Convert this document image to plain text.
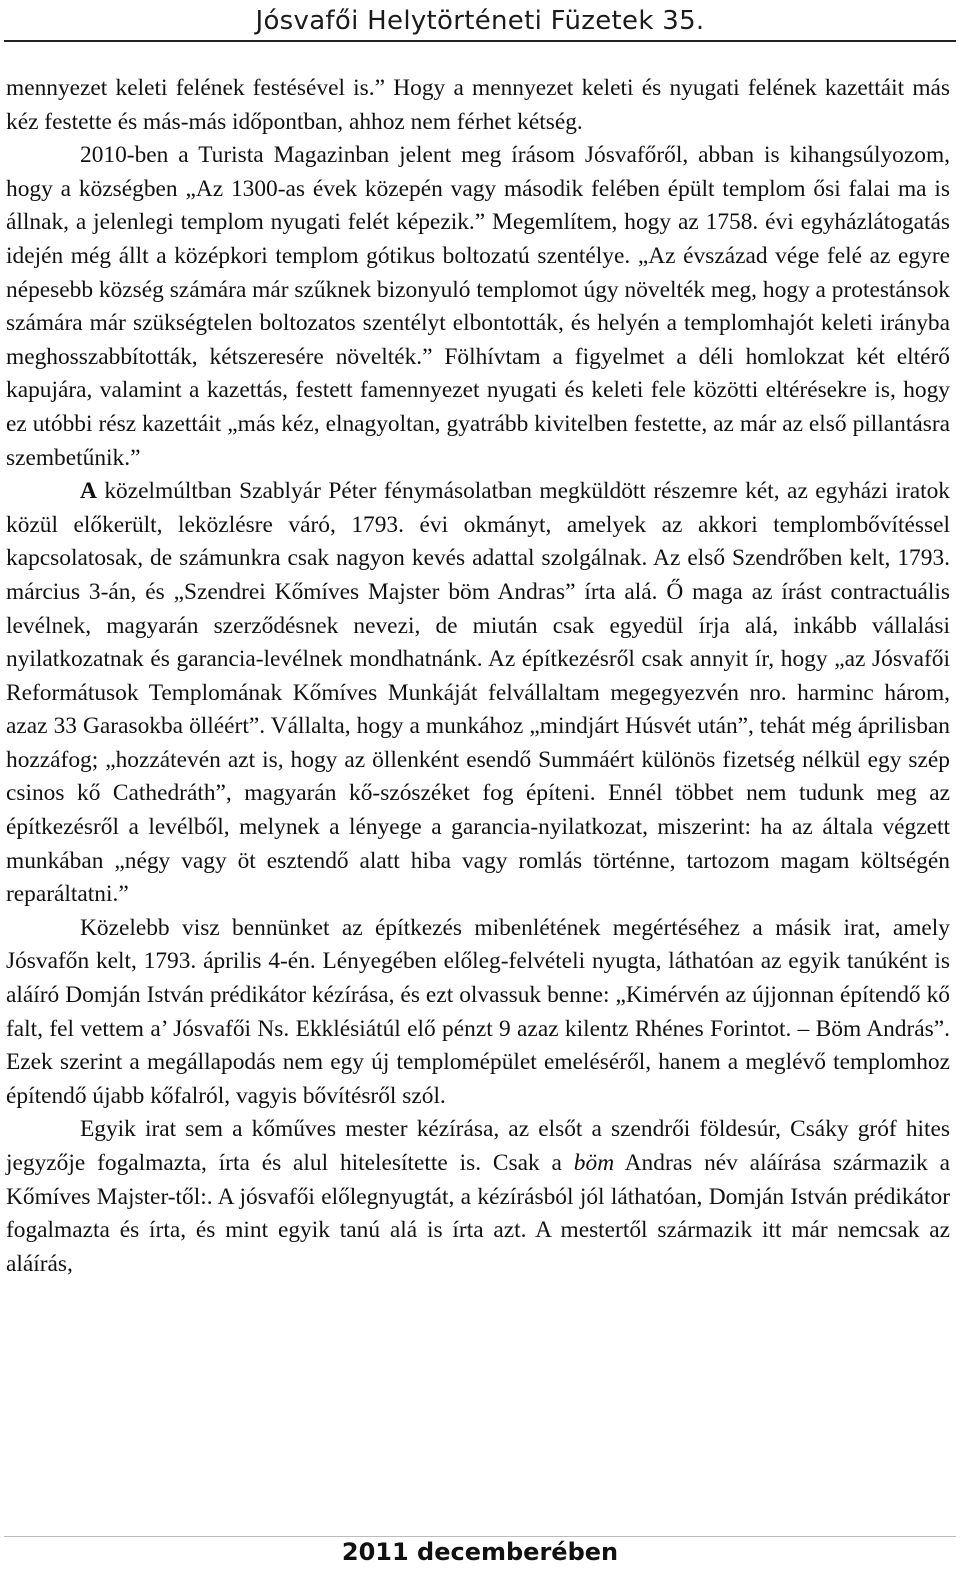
Jósvafői Helytörténeti Füzetek 35.

mennyezet keleti felének festésével is.” Hogy a mennyezet keleti és nyugati felének kazettáit más kéz festette és más-más időpontban, ahhoz nem férhet kétség.

2010-ben a Turista Magazinban jelent meg írásom Jósvafőről, abban is kihangsúlyozom, hogy a községben „Az 1300-as évek közepén vagy második felében épült templom ősi falai ma is állnak, a jelenlegi templom nyugati felét képezik.” Megemlítem, hogy az 1758. évi egyházlátogatás idején még állt a középkori templom gótikus boltozatú szentélye. „Az évszázad vége felé az egyre népesebb község számára már szűknek bizonyuló templomot úgy növelték meg, hogy a protestánsok számára már szükségtelen boltozatos szentélyt elbontották, és helyén a templomhajót keleti irányba meghosszabbították, kétszeresére növelték.” Fölhívtam a figyelmet a déli homlokzat két eltérő kapujára, valamint a kazettás, festett famennyezet nyugati és keleti fele közötti eltérésekre is, hogy ez utóbbi rész kazettáit „más kéz, elnagyoltan, gyatrább kivitelben festette, az már az első pillantásra szembetűnik.”

A közelmúltban Szablyár Péter fénymásolatban megküldött részemre két, az egyházi iratok közül előkerült, leközlésre váró, 1793. évi okmányt, amelyek az akkori templombővítéssel kapcsolatosak, de számunkra csak nagyon kevés adattal szolgálnak. Az első Szendrőben kelt, 1793. március 3-án, és „Szendrei Kőmíves Majster böm Andras” írta alá. Ő maga az írást contractuális levélnek, magyarán szerződésnek nevezi, de miután csak egyedül írja alá, inkább vállalási nyilatkozatnak és garancia-levélnek mondhatnánk. Az építkezésről csak annyit ír, hogy „az Jósvafői Reformátusok Templomának Kőmíves Munkáját felvállaltam megegyezvén nro. harminc három, azaz 33 Garasokba ölléért”. Vállalta, hogy a munkához „mindjárt Húsvét után”, tehát még áprilisban hozzáfog; „hozzátevén azt is, hogy az öllenként esendő Summáért különös fizetség nélkül egy szép csinos kő Cathedráth”, magyarán kő-szószéket fog építeni. Ennél többet nem tudunk meg az építkezésről a levélből, melynek a lényege a garancia-nyilatkozat, miszerint: ha az általa végzett munkában „négy vagy öt esztendő alatt hiba vagy romlás történne, tartozom magam költségén reparáltatni.”

Közelebb visz bennünket az építkezés mibenlétének megértéséhez a másik irat, amely Jósvafőn kelt, 1793. április 4-én. Lényegében előleg-felvételi nyugta, láthatóan az egyik tanúként is aláíró Domján István prédikátor kézírása, és ezt olvassuk benne: „Kimérvén az újjonnan építendő kő falt, fel vettem a’ Jósvafői Ns. Ekklésiátúl elő pénzt 9 azaz kilentz Rhénes Forintot. – Böm András”. Ezek szerint a megállapodás nem egy új templomépület emeléséről, hanem a meglévő templomhoz építendő újabb kőfalról, vagyis bővítésről szól.

Egyik irat sem a kőműves mester kézírása, az elsőt a szendrői földesúr, Csáky gróf hites jegyzője fogalmazta, írta és alul hitelesítette is. Csak a böm Andras név aláírása származik a Kőmíves Majster-től:. A jósvafői előlegnyugtát, a kézírásból jól láthatóan, Domján István prédikátor fogalmazta és írta, és mint egyik tanú alá is írta azt. A mestertől származik itt már nemcsak az aláírás,

2011 decemberében
